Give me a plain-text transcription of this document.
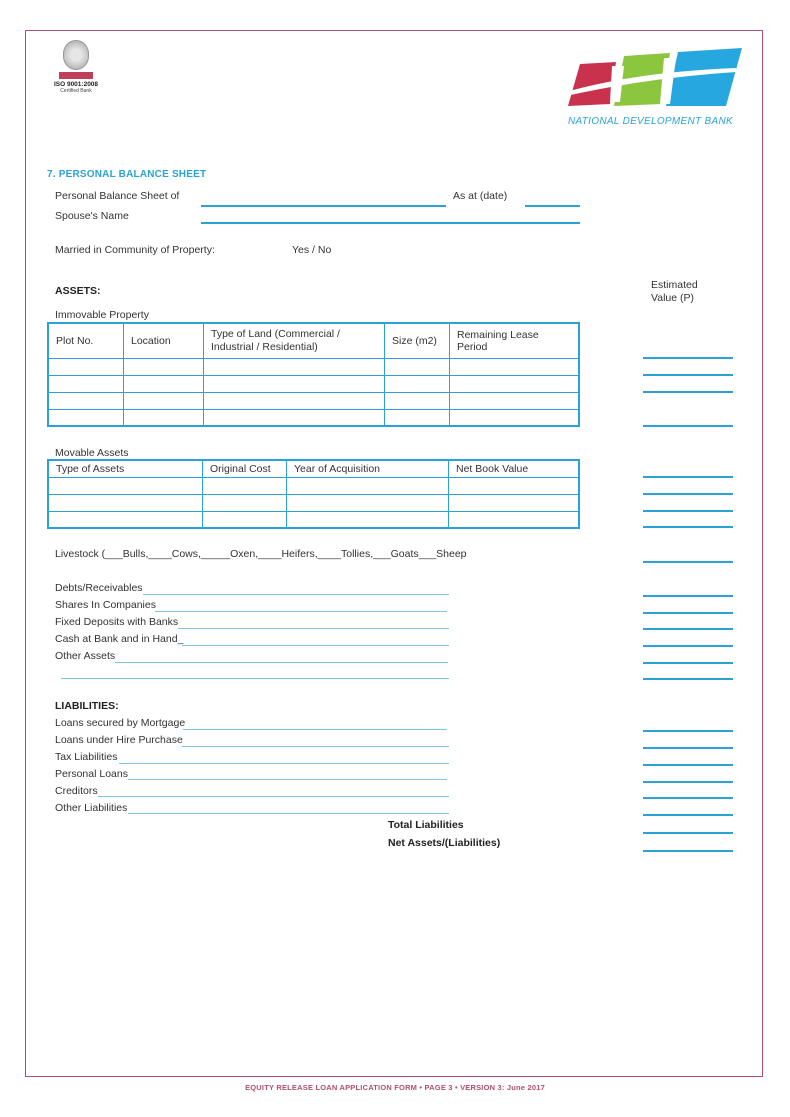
ISO 9001:2008
Certified Bank
NATIONAL DEVELOPMENT BANK
7. PERSONAL BALANCE SHEET
Personal Balance Sheet of	As at (date)
Spouse's Name
Married in Community of Property:	Yes / No
ASSETS:	Estimated
Value (P)
Immovable Property
Plot No.	Location	Type of Land (Commercial / Industrial / Residential)	Size (m2)	Remaining Lease Period

Movable Assets
Type of Assets	Original Cost	Year of Acquisition	Net Book Value

Livestock (___Bulls,____Cows,_____Oxen,____Heifers,____Tollies,___Goats___Sheep
Debts/Receivables
Shares In Companies
Fixed Deposits with Banks
Cash at Bank and in Hand_
Other Assets
LIABILITIES:
Loans secured by Mortgage
Loans under Hire Purchase
Tax Liabilities
Personal Loans
Creditors
Other Liabilities
Total Liabilities
Net Assets/(Liabilities)
EQUITY RELEASE LOAN APPLICATION FORM • PAGE 3 • VERSION 3: June 2017
